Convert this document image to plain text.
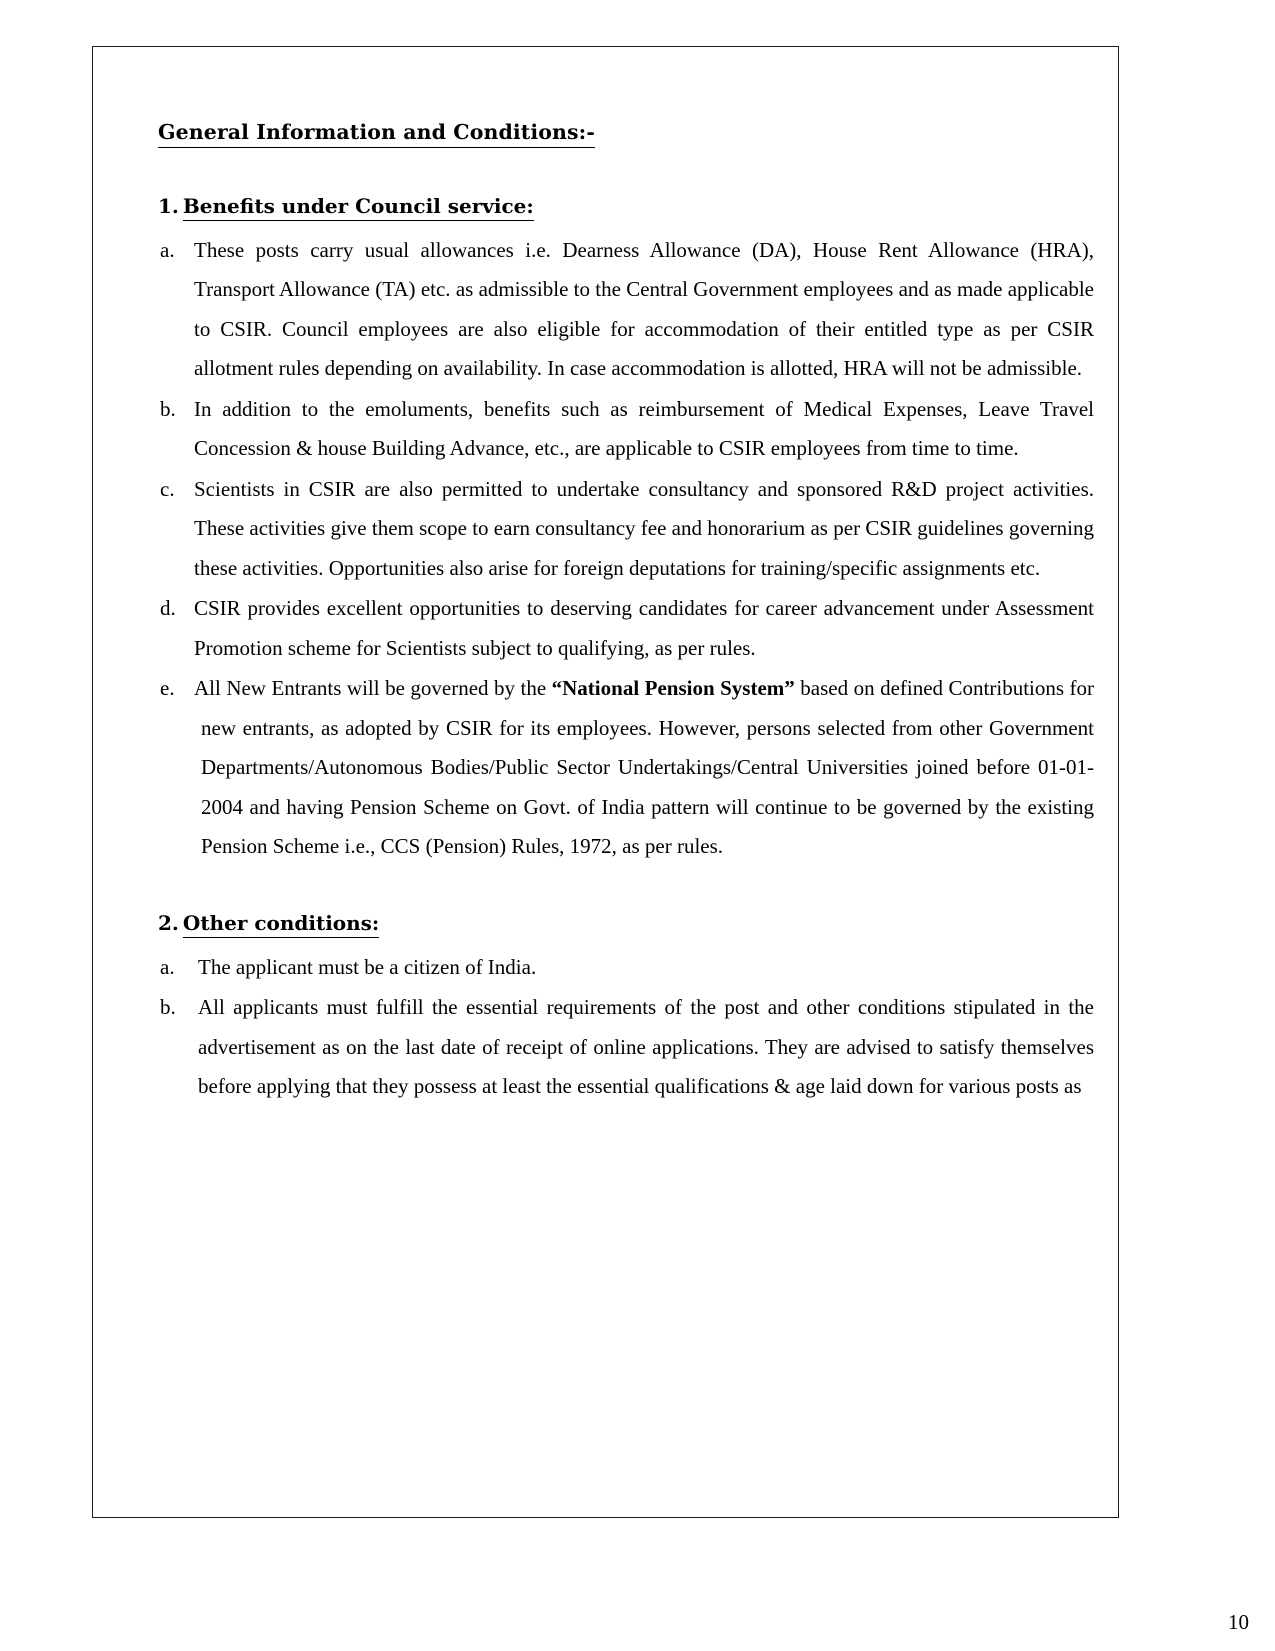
General Information and Conditions:-
1. Benefits under Council service:
a. These posts carry usual allowances i.e. Dearness Allowance (DA), House Rent Allowance (HRA), Transport Allowance (TA) etc. as admissible to the Central Government employees and as made applicable to CSIR. Council employees are also eligible for accommodation of their entitled type as per CSIR allotment rules depending on availability. In case accommodation is allotted, HRA will not be admissible.
b. In addition to the emoluments, benefits such as reimbursement of Medical Expenses, Leave Travel Concession & house Building Advance, etc., are applicable to CSIR employees from time to time.
c. Scientists in CSIR are also permitted to undertake consultancy and sponsored R&D project activities. These activities give them scope to earn consultancy fee and honorarium as per CSIR guidelines governing these activities. Opportunities also arise for foreign deputations for training/specific assignments etc.
d. CSIR provides excellent opportunities to deserving candidates for career advancement under Assessment Promotion scheme for Scientists subject to qualifying, as per rules.
e. All New Entrants will be governed by the “National Pension System” based on defined Contributions for new entrants, as adopted by CSIR for its employees. However, persons selected from other Government Departments/Autonomous Bodies/Public Sector Undertakings/Central Universities joined before 01-01-2004 and having Pension Scheme on Govt. of India pattern will continue to be governed by the existing Pension Scheme i.e., CCS (Pension) Rules, 1972, as per rules.
2. Other conditions:
a.	The applicant must be a citizen of India.
b.	All applicants must fulfill the essential requirements of the post and other conditions stipulated in the advertisement as on the last date of receipt of online applications. They are advised to satisfy themselves before applying that they possess at least the essential qualifications & age laid down for various posts as
10
